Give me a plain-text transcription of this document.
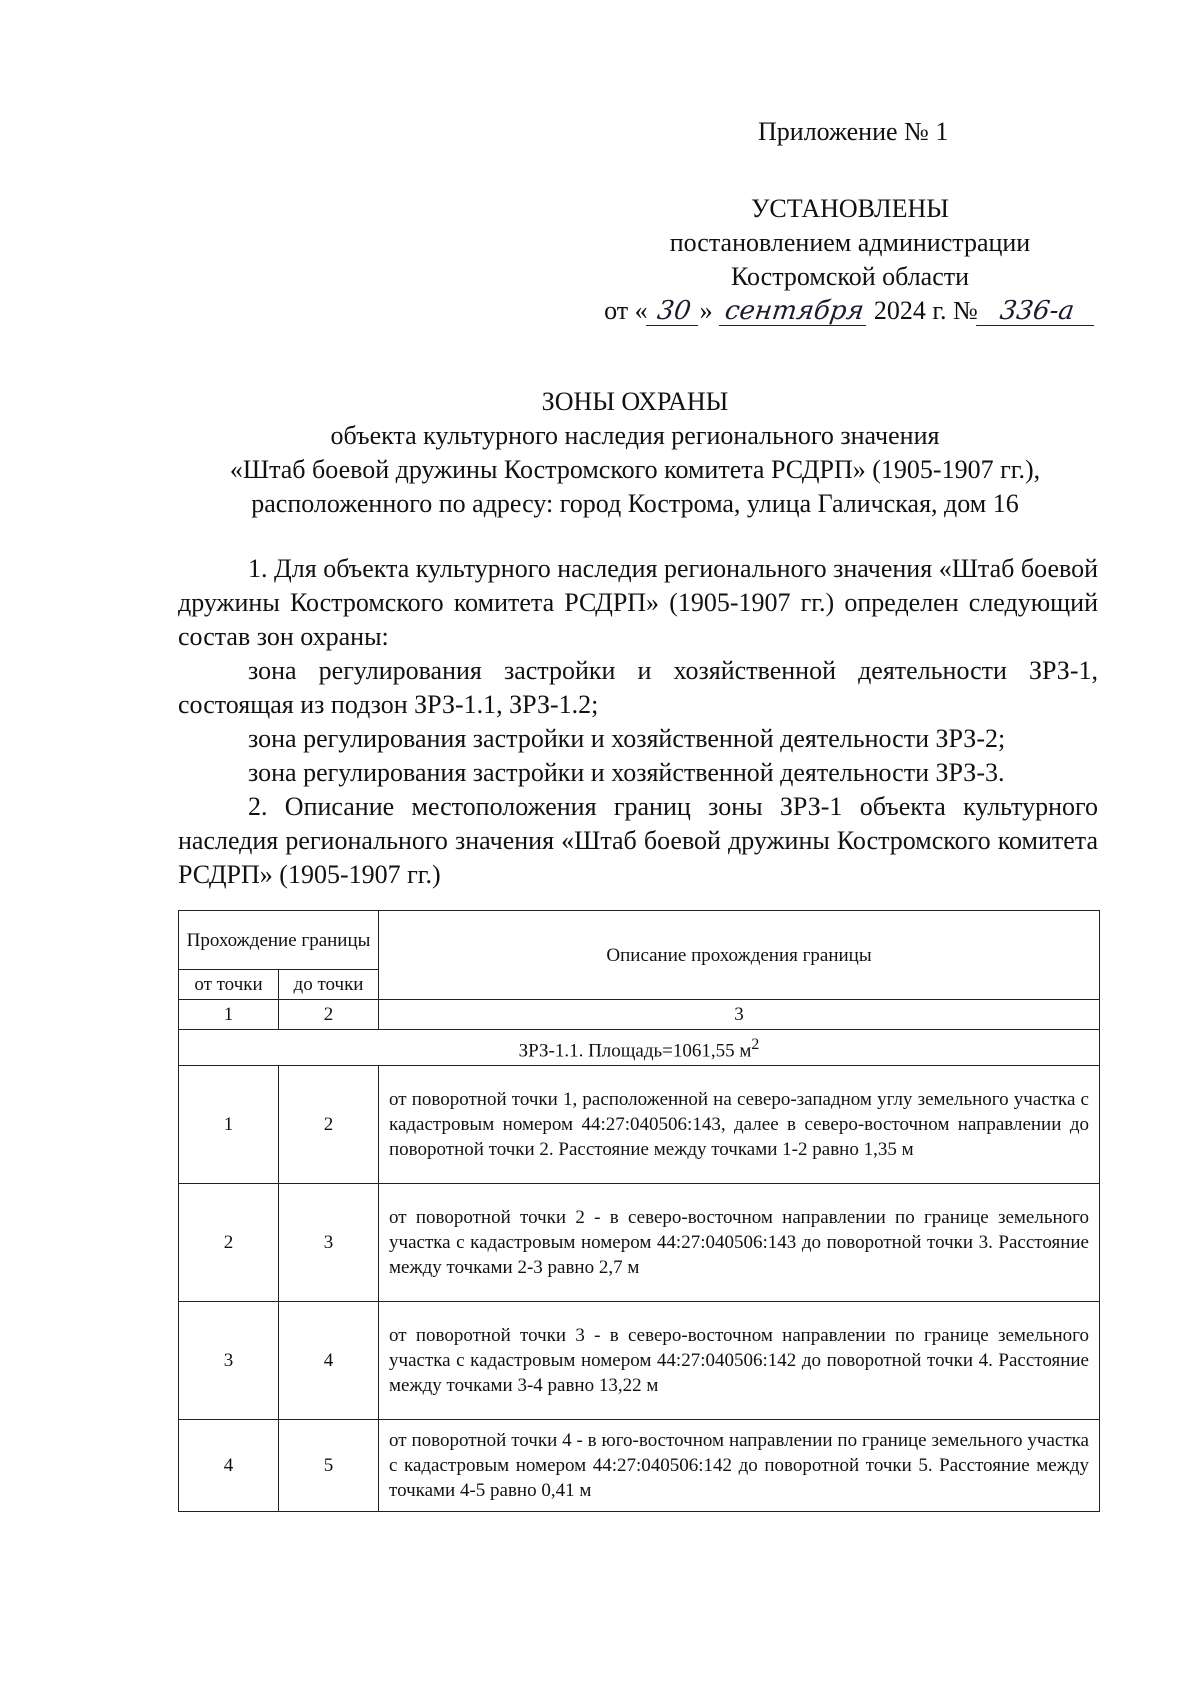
Приложение № 1
УСТАНОВЛЕНЫ
постановлением администрации
Костромской области
от « 30 » сентября 2024 г. № 336-а
ЗОНЫ ОХРАНЫ
объекта культурного наследия регионального значения
«Штаб боевой дружины Костромского комитета РСДРП» (1905-1907 гг.),
расположенного по адресу: город Кострома, улица Галичская, дом 16

1. Для объекта культурного наследия регионального значения «Штаб боевой дружины Костромского комитета РСДРП» (1905-1907 гг.) определен следующий состав зон охраны:

зона регулирования застройки и хозяйственной деятельности ЗРЗ-1, состоящая из подзон ЗРЗ-1.1, ЗРЗ-1.2;

зона регулирования застройки и хозяйственной деятельности ЗРЗ-2;

зона регулирования застройки и хозяйственной деятельности ЗРЗ-3.

2. Описание местоположения границ зоны ЗРЗ-1 объекта культурного наследия регионального значения «Штаб боевой дружины Костромского комитета РСДРП» (1905-1907 гг.)

Прохождение границы		Описание прохождения границы
от точки	до точки	
1	2	3
ЗРЗ-1.1. Площадь=1061,55 $м^2$
1	2	от поворотной точки 1, расположенной на северо-западном углу земельного участка с кадастровым номером 44:27:040506:143, далее в северо-восточном направлении до поворотной точки 2. Расстояние между точками 1-2 равно 1,35 м
2	3	от поворотной точки 2 - в северо-восточном направлении по границе земельного участка с кадастровым номером 44:27:040506:143 до поворотной точки 3. Расстояние между точками 2-3 равно 2,7 м
3	4	от поворотной точки 3 - в северо-восточном направлении по границе земельного участка с кадастровым номером 44:27:040506:142 до поворотной точки 4. Расстояние между точками 3-4 равно 13,22 м
4	5	от поворотной точки 4 - в юго-восточном направлении по границе земельного участка с кадастровым номером 44:27:040506:142 до поворотной точки 5. Расстояние между точками 4-5 равно 0,41 м
